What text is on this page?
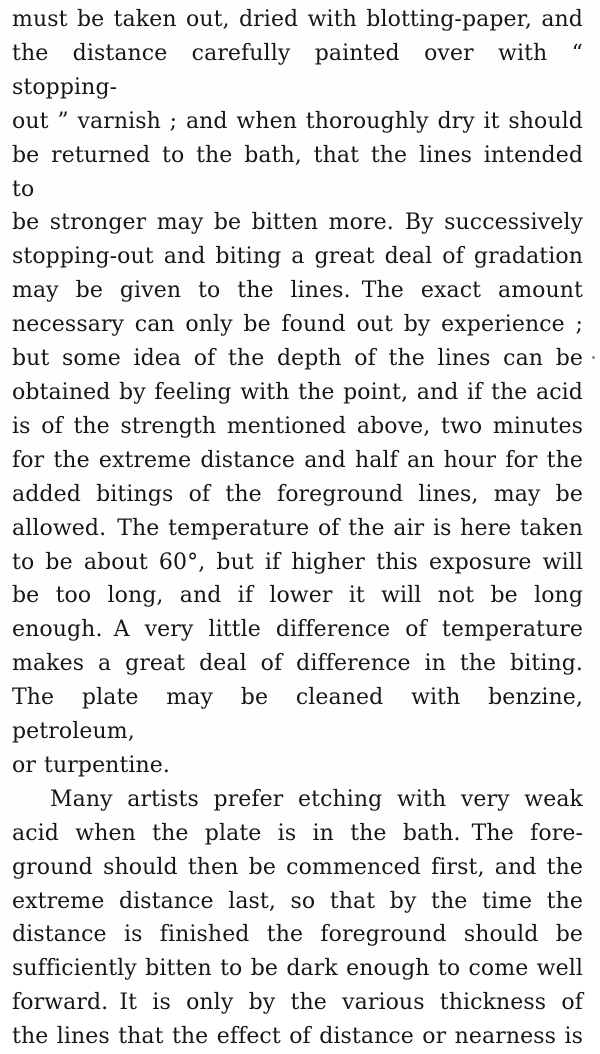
must be taken out, dried with blotting-paper, and

the distance carefully painted over with “ stopping-

out ” varnish ; and when thoroughly dry it should

be returned to the bath, that the lines intended to

be stronger may be bitten more. By successively

stopping-out and biting a great deal of gradation

may be given to the lines. The exact amount

necessary can only be found out by experience ;

but some idea of the depth of the lines can be

obtained by feeling with the point, and if the acid

is of the strength mentioned above, two minutes

for the extreme distance and half an hour for the

added bitings of the foreground lines, may be

allowed. The temperature of the air is here taken

to be about 60°, but if higher this exposure will

be too long, and if lower it will not be long

enough. A very little difference of temperature

makes a great deal of difference in the biting.

The plate may be cleaned with benzine, petroleum,

or turpentine.

Many artists prefer etching with very weak

acid when the plate is in the bath. The fore-

ground should then be commenced first, and the

extreme distance last, so that by the time the

distance is finished the foreground should be

sufficiently bitten to be dark enough to come well

forward. It is only by the various thickness of

the lines that the effect of distance or nearness is
